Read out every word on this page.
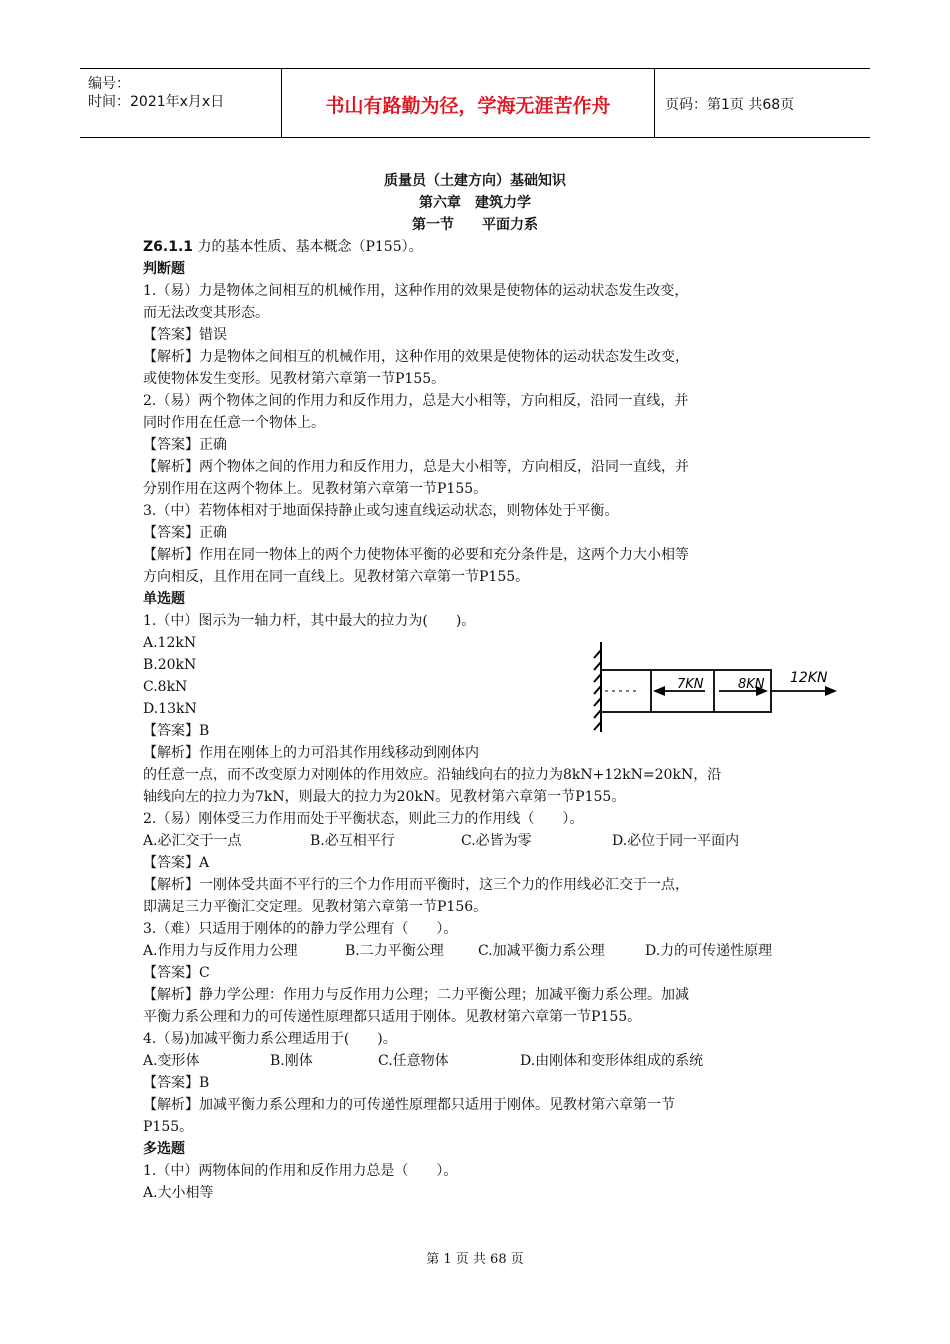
编号：
时间：2021年x月x日	书山有路勤为径，学海无涯苦作舟	页码：第1页 共68页
质量员（土建方向）基础知识
第六章　建筑力学
第一节　　平面力系
Z6.1.1 力的基本性质、基本概念（P155）。
判断题
1.（易）力是物体之间相互的机械作用，这种作用的效果是使物体的运动状态发生改变，
而无法改变其形态。
【答案】错误
【解析】力是物体之间相互的机械作用，这种作用的效果是使物体的运动状态发生改变，
或使物体发生变形。见教材第六章第一节P155。
2.（易）两个物体之间的作用力和反作用力，总是大小相等，方向相反，沿同一直线，并
同时作用在任意一个物体上。
【答案】正确
【解析】两个物体之间的作用力和反作用力，总是大小相等，方向相反，沿同一直线，并
分别作用在这两个物体上。见教材第六章第一节P155。
3.（中）若物体相对于地面保持静止或匀速直线运动状态，则物体处于平衡。
【答案】正确
【解析】作用在同一物体上的两个力使物体平衡的必要和充分条件是，这两个力大小相等
方向相反，且作用在同一直线上。见教材第六章第一节P155。
单选题
1.（中）图示为一轴力杆，其中最大的拉力为(　　)。
A.12kN
B.20kN
C.8kN
D.13kN
【答案】B
【解析】作用在刚体上的力可沿其作用线移动到刚体内
的任意一点，而不改变原力对刚体的作用效应。沿轴线向右的拉力为8kN+12kN=20kN，沿
轴线向左的拉力为7kN，则最大的拉力为20kN。见教材第六章第一节P155。
2.（易）刚体受三力作用而处于平衡状态，则此三力的作用线（　　）。
A.必汇交于一点	B.必互相平行	C.必皆为零	D.必位于同一平面内
【答案】A
【解析】一刚体受共面不平行的三个力作用而平衡时，这三个力的作用线必汇交于一点，
即满足三力平衡汇交定理。见教材第六章第一节P156。
3.（难）只适用于刚体的的静力学公理有（　　）。
A.作用力与反作用力公理	B.二力平衡公理 C.加减平衡力系公理	D.力的可传递性原理
【答案】C
【解析】静力学公理：作用力与反作用力公理；二力平衡公理；加减平衡力系公理。加减
平衡力系公理和力的可传递性原理都只适用于刚体。见教材第六章第一节P155。
4.（易)加减平衡力系公理适用于(　　)。
A.变形体	B.刚体	C.任意物体	D.由刚体和变形体组成的系统
【答案】B
【解析】加减平衡力系公理和力的可传递性原理都只适用于刚体。见教材第六章第一节
P155。
多选题
1.（中）两物体间的作用和反作用力总是（　　）。
A.大小相等
7KN	8KN 12KN
第 1 页 共 68 页
